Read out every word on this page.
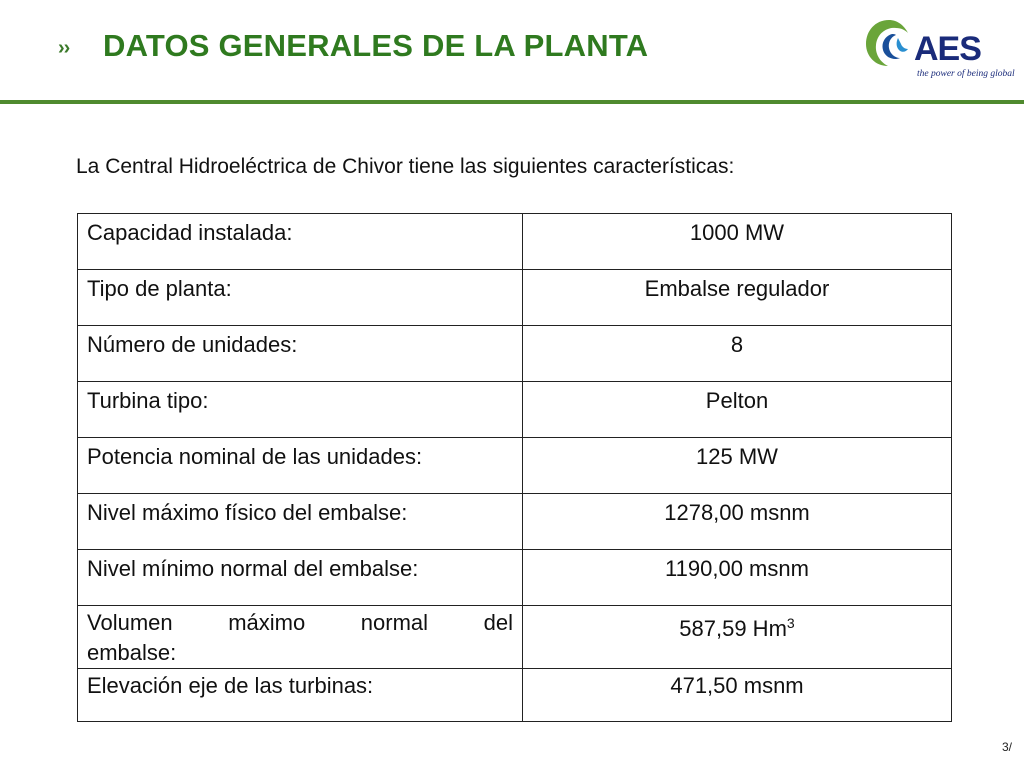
›› DATOS GENERALES DE LA PLANTA	AES
the power of being global

La Central Hidroeléctrica de Chivor tiene las siguientes características:

Capacidad instalada:	1000 MW
Tipo de planta:	Embalse regulador
Número de unidades:	8
Turbina tipo:	Pelton
Potencia nominal de las unidades:	125 MW
Nivel máximo físico del embalse:	1278,00 msnm
Nivel mínimo normal del embalse:	1190,00 msnm

Volumen máximo normal del
embalse:	587,59 Hm$^3$
Elevación eje de las turbinas:	471,50 msnm
3/
